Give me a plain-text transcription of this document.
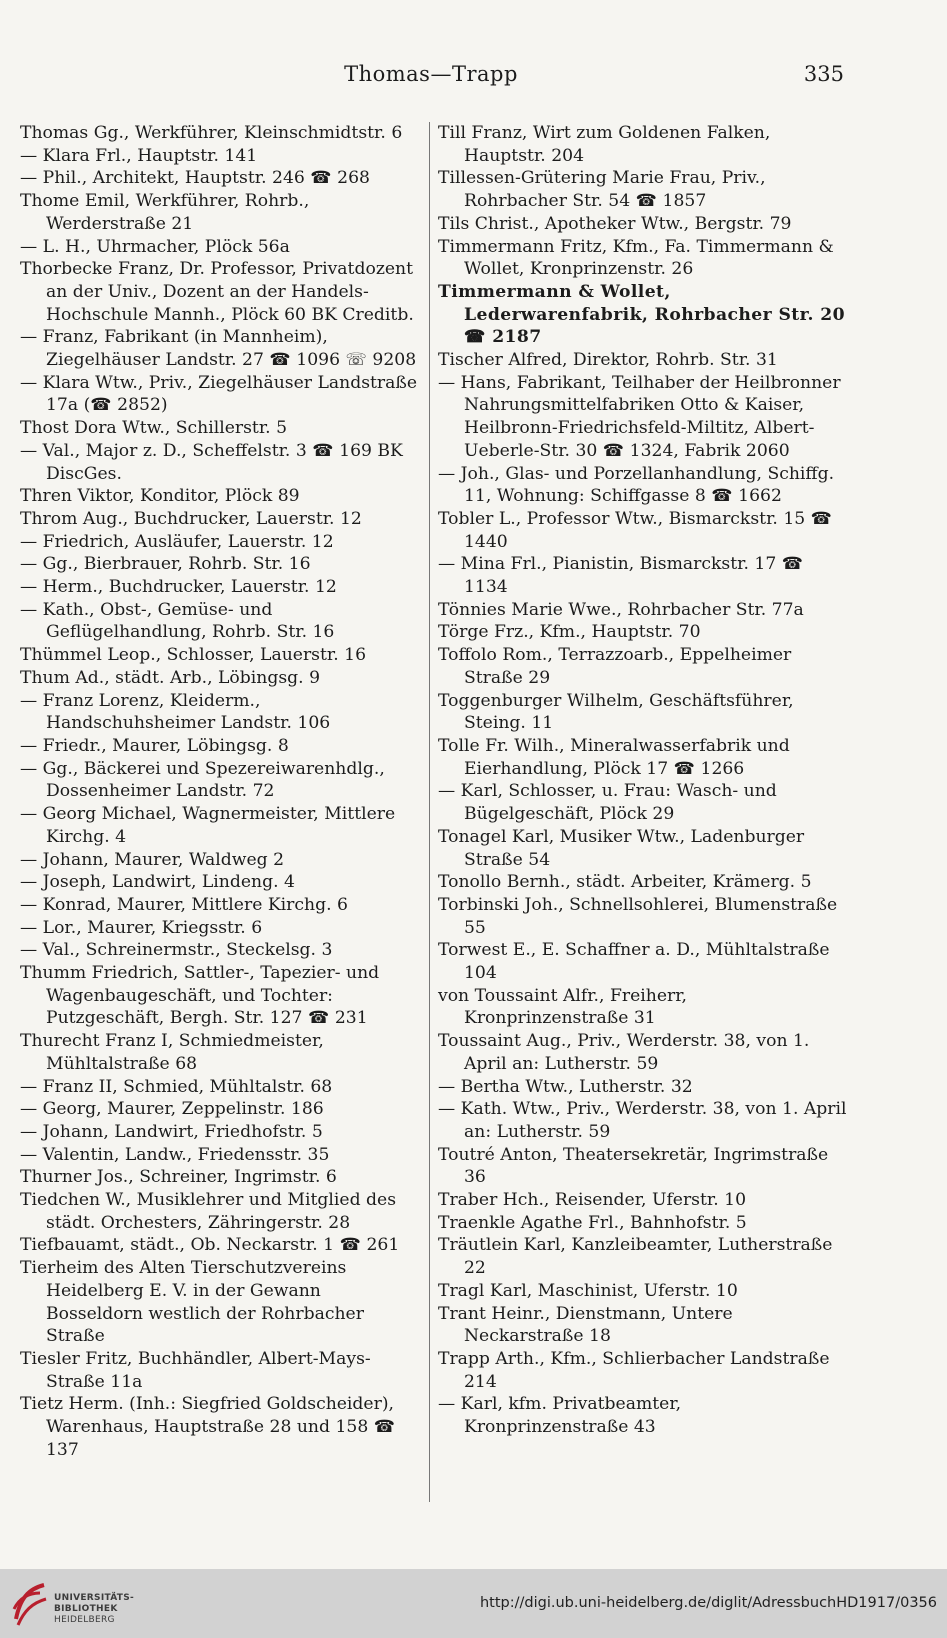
Thomas—Trapp	335

Thomas Gg., Werkführer, Kleinschmidtstr. 6

— Klara Frl., Hauptstr. 141

— Phil., Architekt, Hauptstr. 246 ☎ 268

Thome Emil, Werkführer, Rohrb., Werderstraße 21

— L. H., Uhrmacher, Plöck 56a

Thorbecke Franz, Dr. Professor, Privatdozent an der Univ., Dozent an der Handels-Hochschule Mannh., Plöck 60 BK Creditb.

— Franz, Fabrikant (in Mannheim), Ziegelhäuser Landstr. 27 ☎ 1096 ☏ 9208

— Klara Wtw., Priv., Ziegelhäuser Landstraße 17a (☎ 2852)

Thost Dora Wtw., Schillerstr. 5

— Val., Major z. D., Scheffelstr. 3 ☎ 169 BK DiscGes.

Thren Viktor, Konditor, Plöck 89

Throm Aug., Buchdrucker, Lauerstr. 12

— Friedrich, Ausläufer, Lauerstr. 12

— Gg., Bierbrauer, Rohrb. Str. 16

— Herm., Buchdrucker, Lauerstr. 12

— Kath., Obst-, Gemüse- und Geflügelhandlung, Rohrb. Str. 16

Thümmel Leop., Schlosser, Lauerstr. 16

Thum Ad., städt. Arb., Löbingsg. 9

— Franz Lorenz, Kleiderm., Handschuhsheimer Landstr. 106

— Friedr., Maurer, Löbingsg. 8

— Gg., Bäckerei und Spezereiwarenhdlg., Dossenheimer Landstr. 72

— Georg Michael, Wagnermeister, Mittlere Kirchg. 4

— Johann, Maurer, Waldweg 2

— Joseph, Landwirt, Lindeng. 4

— Konrad, Maurer, Mittlere Kirchg. 6

— Lor., Maurer, Kriegsstr. 6

— Val., Schreinermstr., Steckelsg. 3

Thumm Friedrich, Sattler-, Tapezier- und Wagenbaugeschäft, und Tochter: Putzgeschäft, Bergh. Str. 127 ☎ 231

Thurecht Franz I, Schmiedmeister, Mühltalstraße 68

— Franz II, Schmied, Mühltalstr. 68

— Georg, Maurer, Zeppelinstr. 186

— Johann, Landwirt, Friedhofstr. 5

— Valentin, Landw., Friedensstr. 35

Thurner Jos., Schreiner, Ingrimstr. 6

Tiedchen W., Musiklehrer und Mitglied des städt. Orchesters, Zähringerstr. 28

Tiefbauamt, städt., Ob. Neckarstr. 1 ☎ 261

Tierheim des Alten Tierschutzvereins Heidelberg E. V. in der Gewann Bosseldorn westlich der Rohrbacher Straße

Tiesler Fritz, Buchhändler, Albert-Mays-Straße 11a

Tietz Herm. (Inh.: Siegfried Goldscheider), Warenhaus, Hauptstraße 28 und 158 ☎ 137

Till Franz, Wirt zum Goldenen Falken, Hauptstr. 204

Tillessen-Grütering Marie Frau, Priv., Rohrbacher Str. 54 ☎ 1857

Tils Christ., Apotheker Wtw., Bergstr. 79

Timmermann Fritz, Kfm., Fa. Timmermann & Wollet, Kronprinzenstr. 26

Timmermann & Wollet, Lederwarenfabrik, Rohrbacher Str. 20 ☎ 2187

Tischer Alfred, Direktor, Rohrb. Str. 31

— Hans, Fabrikant, Teilhaber der Heilbronner Nahrungsmittelfabriken Otto & Kaiser, Heilbronn-Friedrichsfeld-Miltitz, Albert-Ueberle-Str. 30 ☎ 1324, Fabrik 2060

— Joh., Glas- und Porzellanhandlung, Schiffg. 11, Wohnung: Schiffgasse 8 ☎ 1662

Tobler L., Professor Wtw., Bismarckstr. 15 ☎ 1440

— Mina Frl., Pianistin, Bismarckstr. 17 ☎ 1134

Tönnies Marie Wwe., Rohrbacher Str. 77a

Törge Frz., Kfm., Hauptstr. 70

Toffolo Rom., Terrazzoarb., Eppelheimer Straße 29

Toggenburger Wilhelm, Geschäftsführer, Steing. 11

Tolle Fr. Wilh., Mineralwasserfabrik und Eierhandlung, Plöck 17 ☎ 1266

— Karl, Schlosser, u. Frau: Wasch- und Bügelgeschäft, Plöck 29

Tonagel Karl, Musiker Wtw., Ladenburger Straße 54

Tonollo Bernh., städt. Arbeiter, Krämerg. 5

Torbinski Joh., Schnellsohlerei, Blumenstraße 55

Torwest E., E. Schaffner a. D., Mühltalstraße 104

von Toussaint Alfr., Freiherr, Kronprinzenstraße 31

Toussaint Aug., Priv., Werderstr. 38, von 1. April an: Lutherstr. 59

— Bertha Wtw., Lutherstr. 32

— Kath. Wtw., Priv., Werderstr. 38, von 1. April an: Lutherstr. 59

Toutré Anton, Theatersekretär, Ingrimstraße 36

Traber Hch., Reisender, Uferstr. 10

Traenkle Agathe Frl., Bahnhofstr. 5

Träutlein Karl, Kanzleibeamter, Lutherstraße 22

Tragl Karl, Maschinist, Uferstr. 10

Trant Heinr., Dienstmann, Untere Neckarstraße 18

Trapp Arth., Kfm., Schlierbacher Landstraße 214

— Karl, kfm. Privatbeamter, Kronprinzenstraße 43

UNIVERSITÄTS-
BIBLIOTHEK
HEIDELBERG
http://digi.ub.uni-heidelberg.de/diglit/AdressbuchHD1917/0356
